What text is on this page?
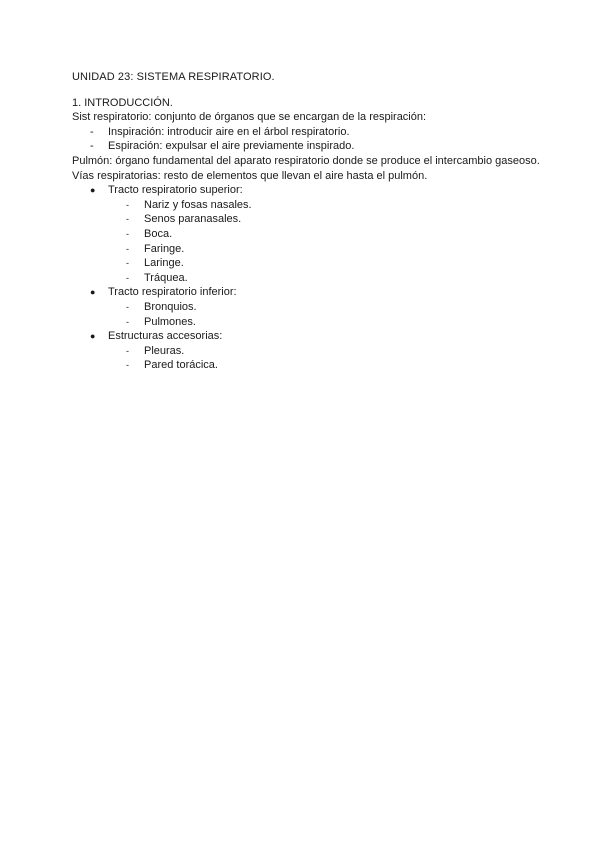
UNIDAD 23: SISTEMA RESPIRATORIO.
1. INTRODUCCIÓN.

Sist respiratorio: conjunto de órganos que se encargan de la respiración:

- Inspiración: introducir aire en el árbol respiratorio.
- Espiración: expulsar el aire previamente inspirado.

Pulmón: órgano fundamental del aparato respiratorio donde se produce el intercambio gaseoso.

Vías respiratorias: resto de elementos que llevan el aire hasta el pulmón.

● Tracto respiratorio superior:
- Nariz y fosas nasales.
- Senos paranasales.
- Boca.
- Faringe.
- Laringe.
- Tráquea.
● Tracto respiratorio inferior:
- Bronquios.
- Pulmones.
● Estructuras accesorias:
- Pleuras.
- Pared torácica.
